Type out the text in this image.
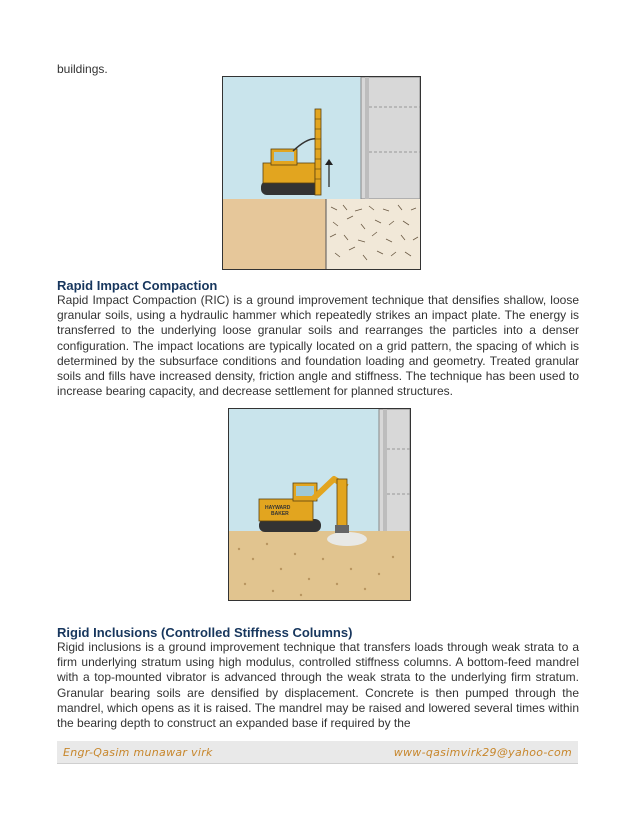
buildings.
Rapid Impact Compaction
Rapid Impact Compaction (RIC) is a ground improvement technique that densifies shallow, loose granular soils, using a hydraulic hammer which repeatedly strikes an impact plate. The energy is transferred to the underlying loose granular soils and rearranges the particles into a denser configuration. The impact locations are typically located on a grid pattern, the spacing of which is determined by the subsurface conditions and foundation loading and geometry. Treated granular soils and fills have increased density, friction angle and stiffness. The technique has been used to increase bearing capacity, and decrease settlement for planned structures.
HAYWARD
BAKER
Rigid Inclusions (Controlled Stiffness Columns)
Rigid inclusions is a ground improvement technique that transfers loads through weak strata to a firm underlying stratum using high modulus, controlled stiffness columns. A bottom-feed mandrel with a top-mounted vibrator is advanced through the weak strata to the underlying firm stratum. Granular bearing soils are densified by displacement. Concrete is then pumped through the mandrel, which opens as it is raised. The mandrel may be raised and lowered several times within the bearing depth to construct an expanded base if required by the
Engr-Qasim munawar virk	www-qasimvirk29@yahoo-com
